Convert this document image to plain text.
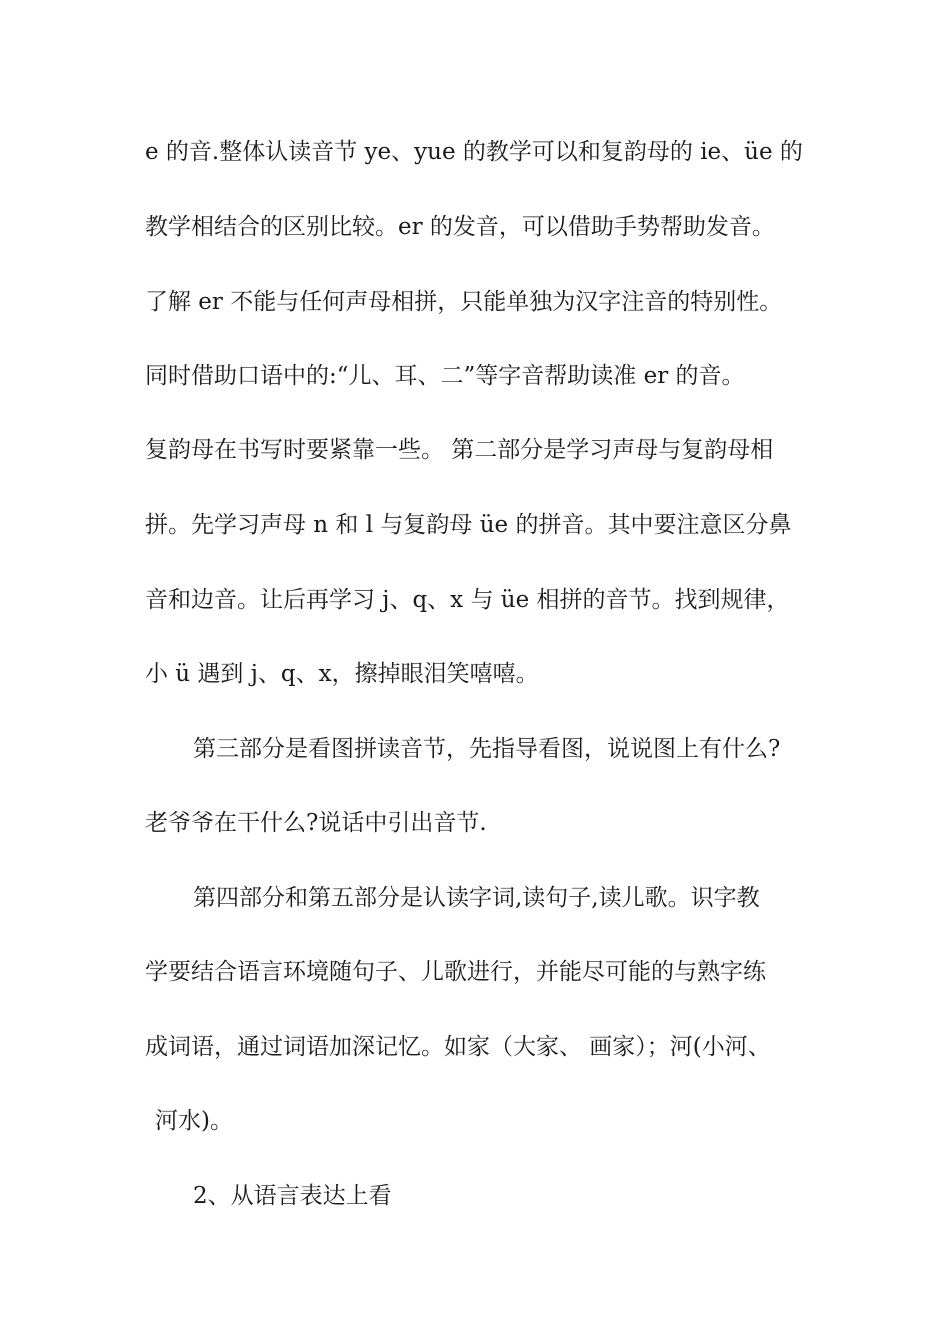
e 的音.整体认读音节 ye、yue 的教学可以和复韵母的 ie、üe 的
教学相结合的区别比较。er 的发音，可以借助手势帮助发音。
了解 er 不能与任何声母相拼，只能单独为汉字注音的特别性。
同时借助口语中的:“儿、耳、二”等字音帮助读准 er 的音。
复韵母在书写时要紧靠一些。 第二部分是学习声母与复韵母相
拼。先学习声母 n 和 l 与复韵母 üe 的拼音。其中要注意区分鼻
音和边音。让后再学习 j、q、x 与 üe 相拼的音节。找到规律，
小 ü 遇到 j、q、x，擦掉眼泪笑嘻嘻。
第三部分是看图拼读音节，先指导看图，说说图上有什么?
老爷爷在干什么?说话中引出音节.
第四部分和第五部分是认读字词,读句子,读儿歌。识字教
学要结合语言环境随句子、儿歌进行，并能尽可能的与熟字练
成词语，通过词语加深记忆。如家（大家、 画家）；河(小河、
河水)。
2、从语言表达上看
